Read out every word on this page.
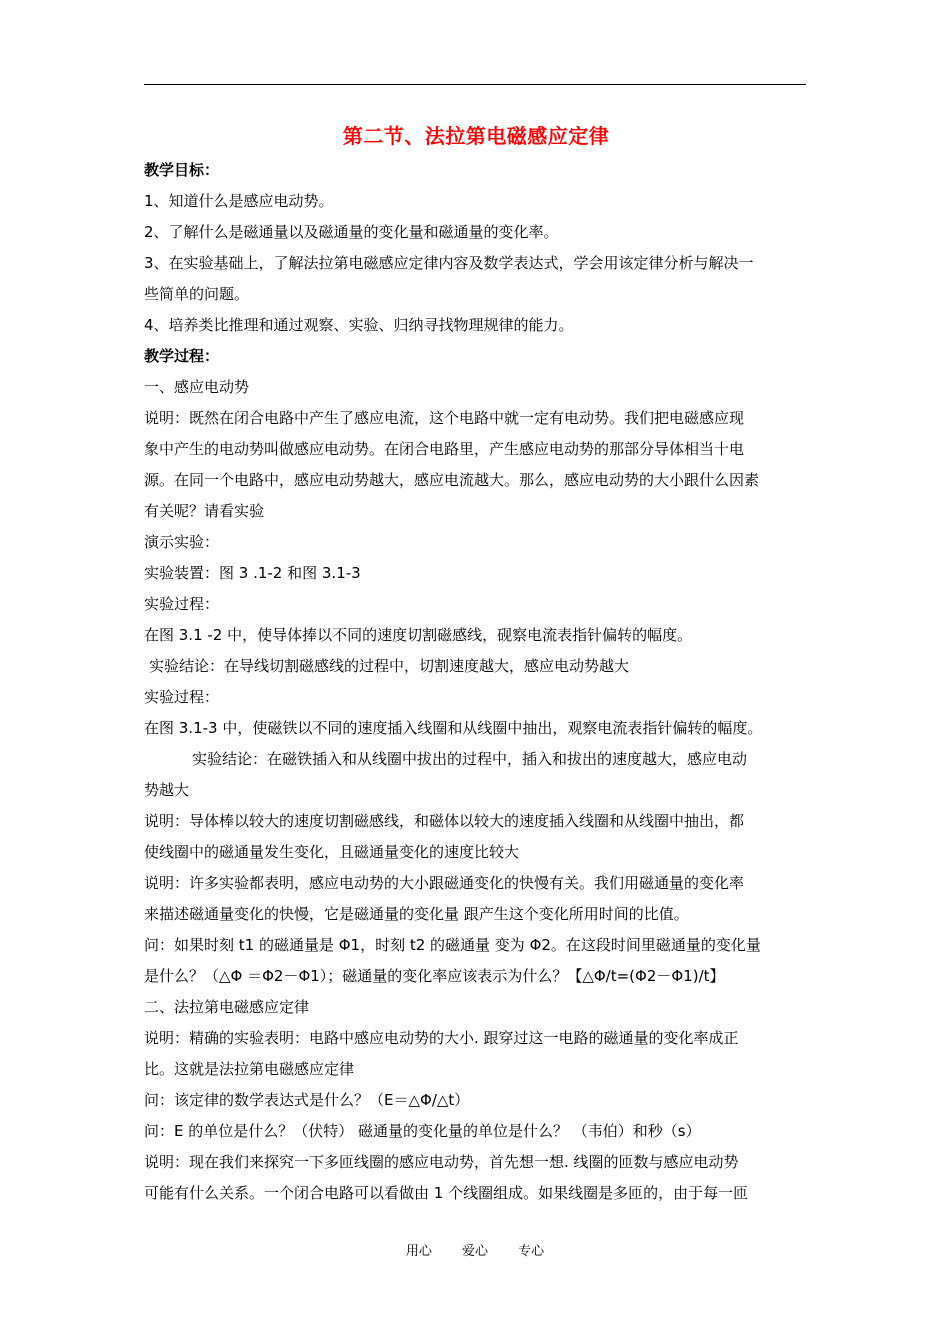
第二节、法拉第电磁感应定律
教学目标：
1、知道什么是感应电动势。
2、了解什么是磁通量以及磁通量的变化量和磁通量的变化率。
3、在实验基础上，了解法拉第电磁感应定律内容及数学表达式，学会用该定律分析与解决一
些简单的问题。
4、培养类比推理和通过观察、实验、归纳寻找物理规律的能力。
教学过程：
一、感应电动势
说明：既然在闭合电路中产生了感应电流，这个电路中就一定有电动势。我们把电磁感应现
象中产生的电动势叫做感应电动势。在闭合电路里，产生感应电动势的那部分导体相当十电
源。在同一个电路中，感应电动势越大，感应电流越大。那么，感应电动势的大小跟什么因素
有关呢？请看实验
演示实验：
实验装置：图 3 .1-2 和图 3.1-3
实验过程：
在图 3.1 -2 中，使导体捧以不同的速度切割磁感线，砚察电流表指针偏转的幅度。
实验结论：在导线切割磁感线的过程中，切割速度越大，感应电动势越大
实验过程：
在图 3.1-3 中，使磁铁以不同的速度插入线圈和从线圈中抽出，观察电流表指针偏转的幅度。
实验结论：在磁铁插入和从线圈中拔出的过程中，插入和拔出的速度越大，感应电动
势越大
说明：导体棒以较大的速度切割磁感线，和磁体以较大的速度插入线圈和从线圈中抽出，都
使线圈中的磁通量发生变化，且磁通量变化的速度比较大
说明：许多实验都表明，感应电动势的大小跟磁通变化的快慢有关。我们用磁通量的变化率
来描述磁通量变化的快慢，它是磁通量的变化量 跟产生这个变化所用时间的比值。
问：如果时刻 t1 的磁通量是 Φ1，时刻 t2 的磁通量 变为 Φ2。在这段时间里磁通量的变化量
是什么？（△Φ ＝Φ2－Φ1）；磁通量的变化率应该表示为什么？【△Φ/t=(Φ2－Φ1)/t】
二、法拉第电磁感应定律
说明：精确的实验表明：电路中感应电动势的大小. 跟穿过这一电路的磁通量的变化率成正
比。这就是法拉第电磁感应定律
问：该定律的数学表达式是什么？（E＝△Φ/△t）
问：E 的单位是什么？（伏特） 磁通量的变化量的单位是什么？ （韦伯）和秒（s）
说明：现在我们来探究一下多匝线圈的感应电动势，首先想一想. 线圈的匝数与感应电动势
可能有什么关系。一个闭合电路可以看做由 1 个线圈组成。如果线圈是多匝的，由于每一匝
用心 爱心 专心
